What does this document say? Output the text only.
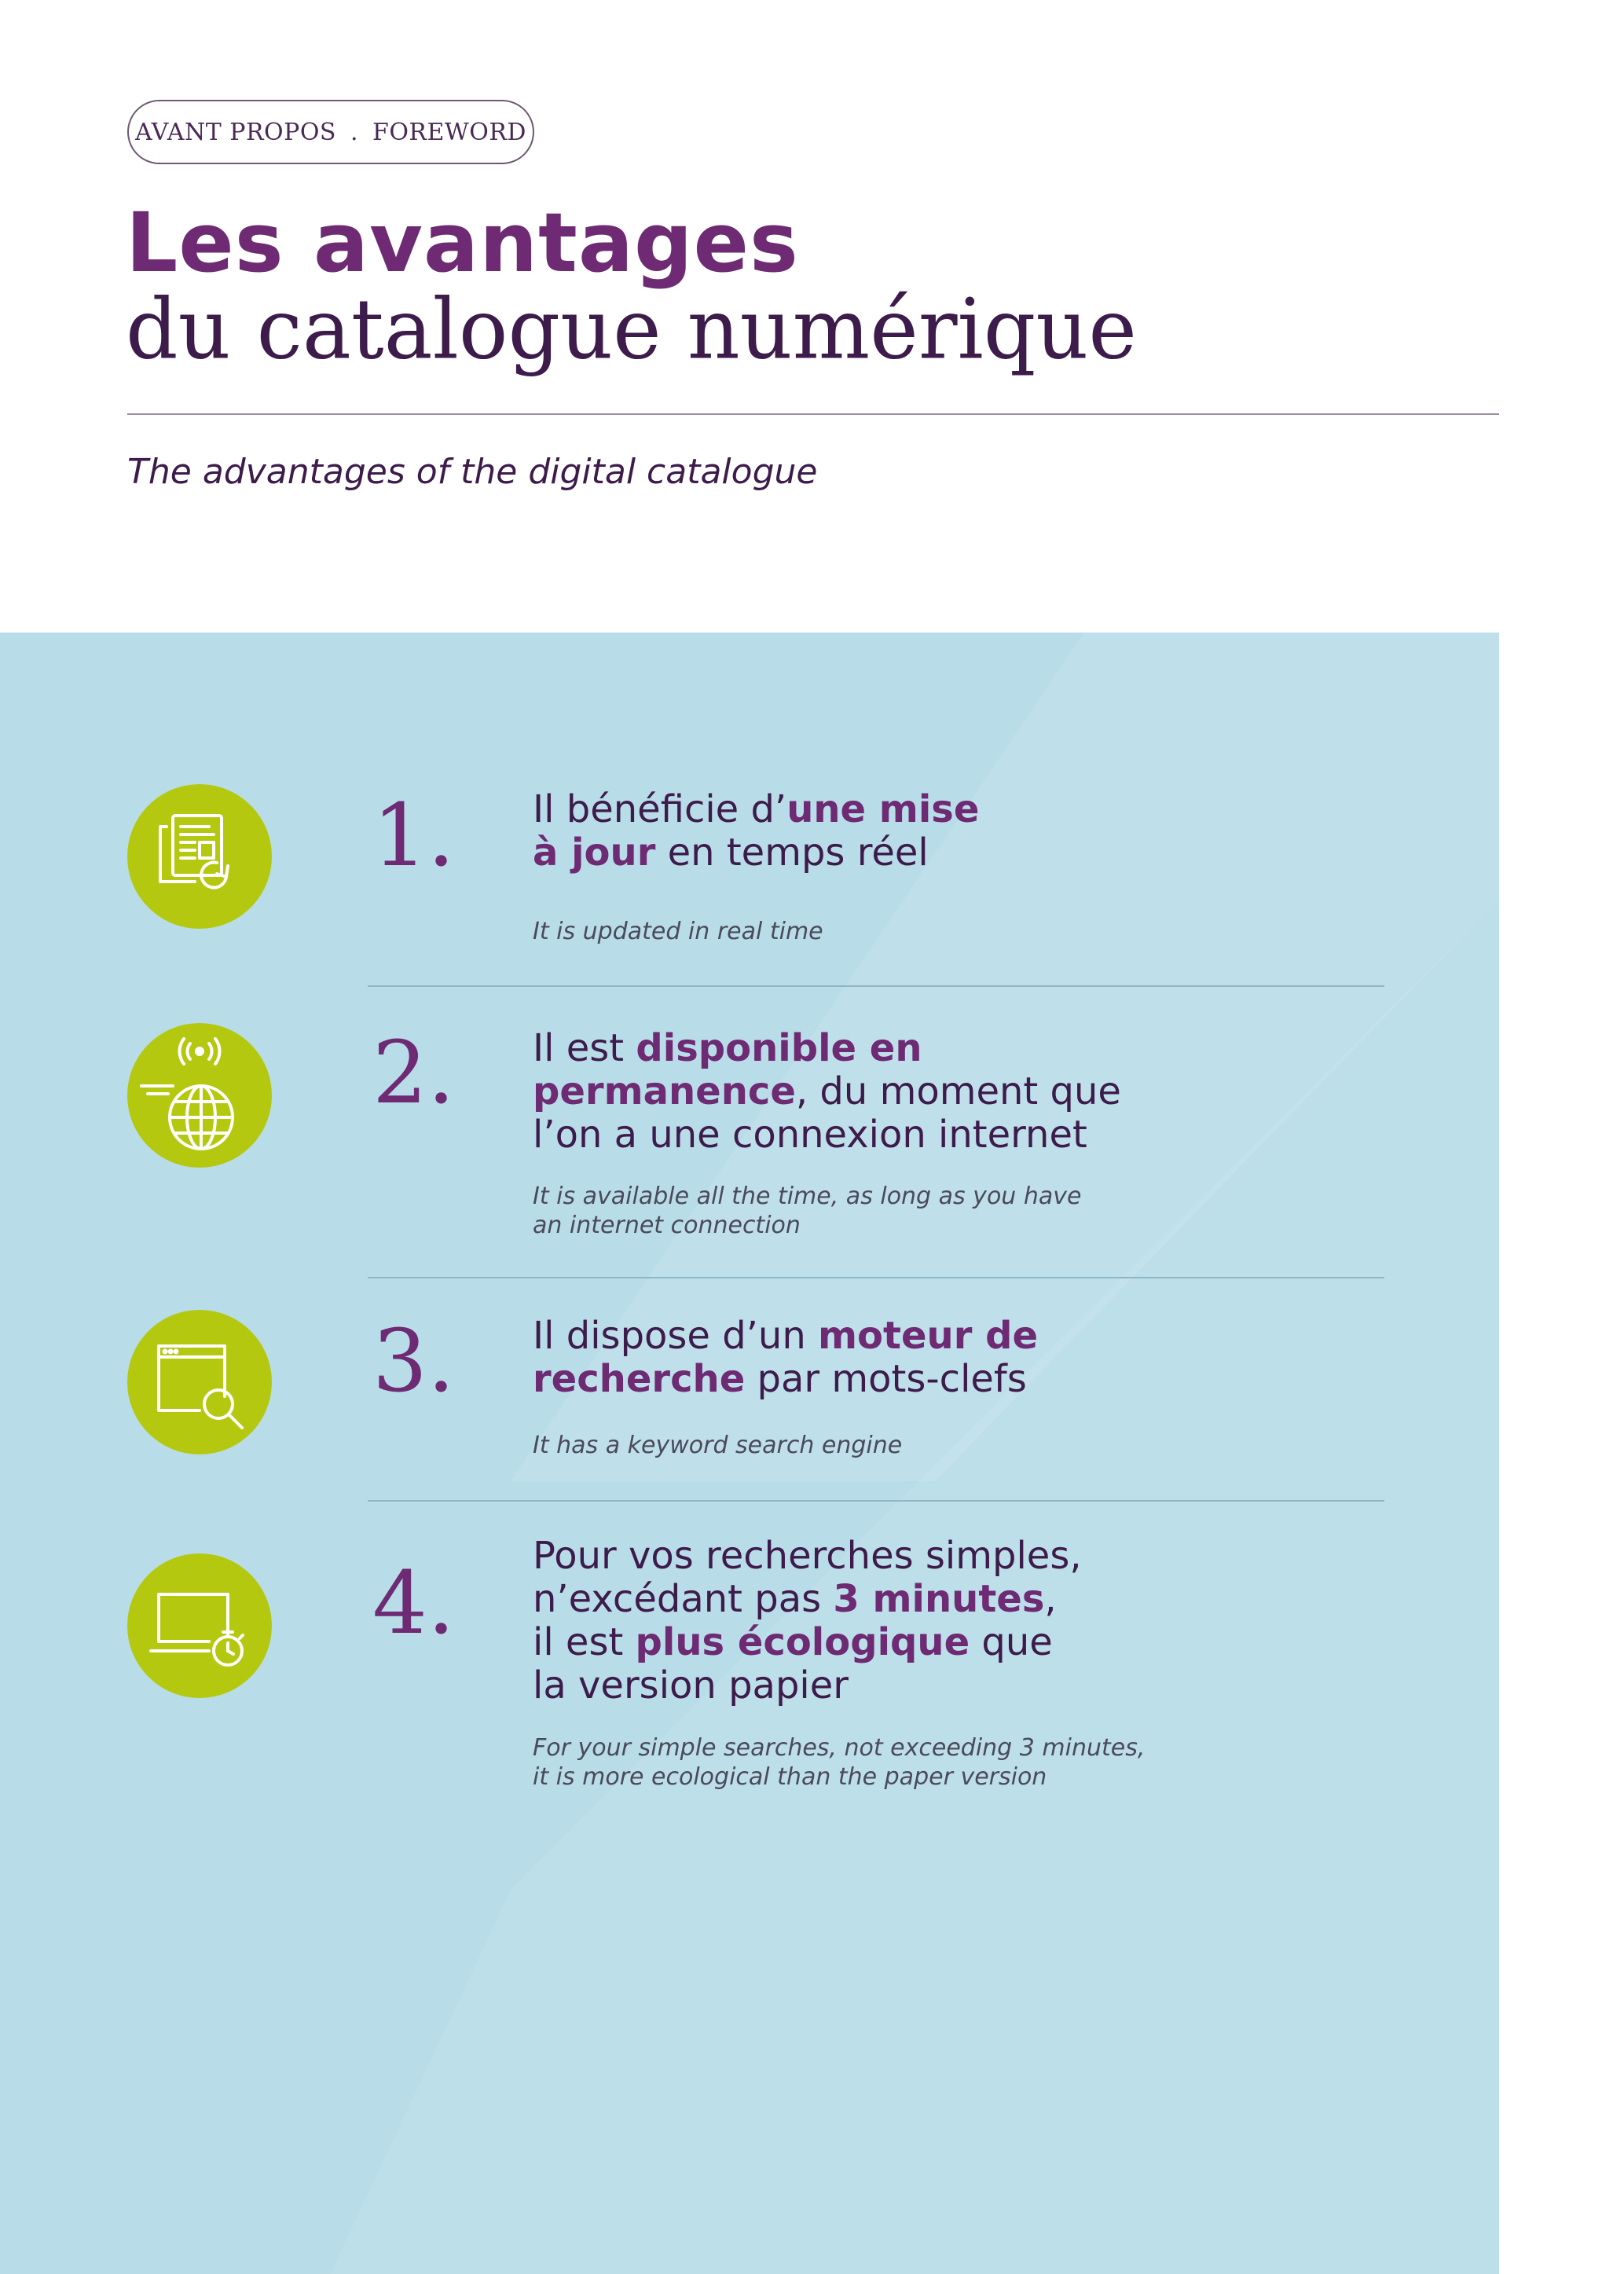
AVANT PROPOS . FOREWORD
Les avantages
du catalogue numérique
The advantages of the digital catalogue
1. Il bénéficie d’une mise
à jour en temps réel
It is updated in real time
2. Il est disponible en
permanence, du moment que
l’on a une connexion internet
It is available all the time, as long as you have
an internet connection
3. Il dispose d’un moteur de
recherche par mots-clefs
It has a keyword search engine
4. Pour vos recherches simples,
n’excédant pas 3 minutes,
il est plus écologique que
la version papier
For your simple searches, not exceeding 3 minutes,
it is more ecological than the paper version
